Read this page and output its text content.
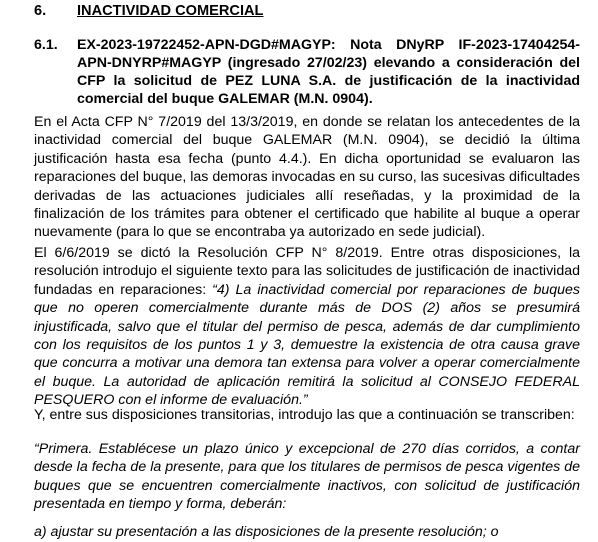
6. INACTIVIDAD COMERCIAL
6.1. EX-2023-19722452-APN-DGD#MAGYP: Nota DNyRP IF-2023-17404254-APN-DNYRP#MAGYP (ingresado 27/02/23) elevando a consideración del CFP la solicitud de PEZ LUNA S.A. de justificación de la inactividad comercial del buque GALEMAR (M.N. 0904).
En el Acta CFP N° 7/2019 del 13/3/2019, en donde se relatan los antecedentes de la inactividad comercial del buque GALEMAR (M.N. 0904), se decidió la última justificación hasta esa fecha (punto 4.4.). En dicha oportunidad se evaluaron las reparaciones del buque, las demoras invocadas en su curso, las sucesivas dificultades derivadas de las actuaciones judiciales allí reseñadas, y la proximidad de la finalización de los trámites para obtener el certificado que habilite al buque a operar nuevamente (para lo que se encontraba ya autorizado en sede judicial).
El 6/6/2019 se dictó la Resolución CFP N° 8/2019. Entre otras disposiciones, la resolución introdujo el siguiente texto para las solicitudes de justificación de inactividad fundadas en reparaciones: “4) La inactividad comercial por reparaciones de buques que no operen comercialmente durante más de DOS (2) años se presumirá injustificada, salvo que el titular del permiso de pesca, además de dar cumplimiento con los requisitos de los puntos 1 y 3, demuestre la existencia de otra causa grave que concurra a motivar una demora tan extensa para volver a operar comercialmente el buque. La autoridad de aplicación remitirá la solicitud al CONSEJO FEDERAL PESQUERO con el informe de evaluación.”
Y, entre sus disposiciones transitorias, introdujo las que a continuación se transcriben:
“Primera. Establécese un plazo único y excepcional de 270 días corridos, a contar desde la fecha de la presente, para que los titulares de permisos de pesca vigentes de buques que se encuentren comercialmente inactivos, con solicitud de justificación presentada en tiempo y forma, deberán:
a) ajustar su presentación a las disposiciones de la presente resolución; o
